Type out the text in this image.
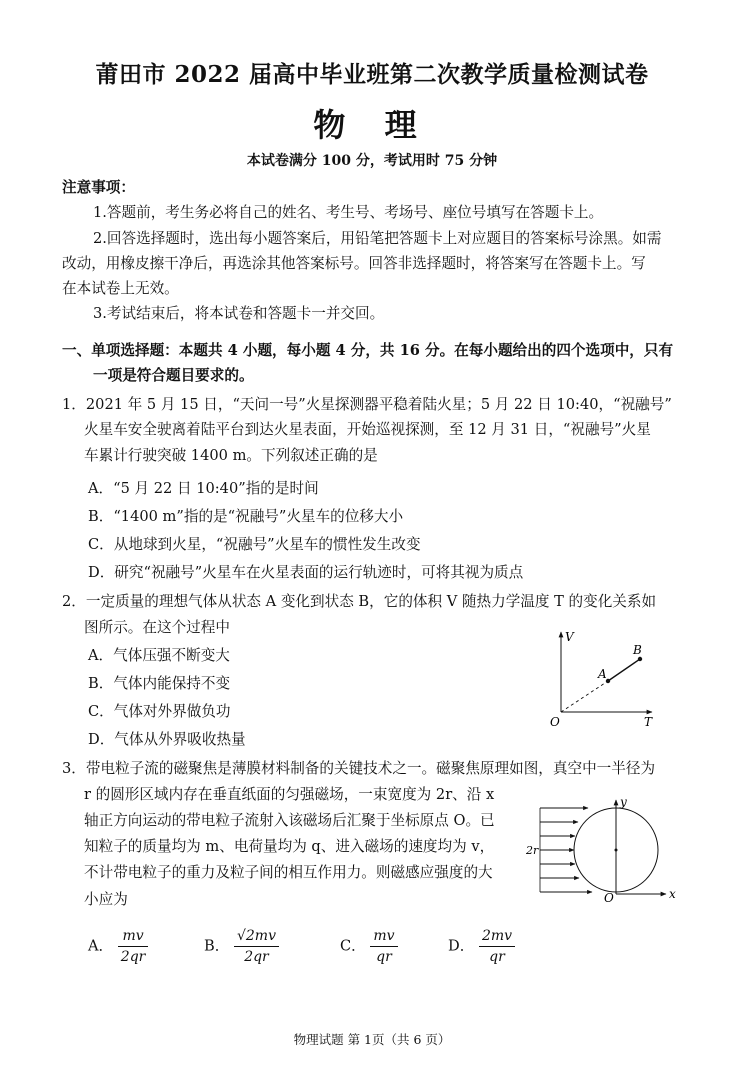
莆田市 2022 届高中毕业班第二次教学质量检测试卷
物 理
本试卷满分 100 分，考试用时 75 分钟
注意事项：
1.答题前，考生务必将自己的姓名、考生号、考场号、座位号填写在答题卡上。
2.回答选择题时，选出每小题答案后，用铅笔把答题卡上对应题目的答案标号涂黑。如需
改动，用橡皮擦干净后，再选涂其他答案标号。回答非选择题时，将答案写在答题卡上。写
在本试卷上无效。
3.考试结束后，将本试卷和答题卡一并交回。
一、单项选择题：本题共 4 小题，每小题 4 分，共 16 分。在每小题给出的四个选项中，只有
一项是符合题目要求的。
1．2021 年 5 月 15 日，“天问一号”火星探测器平稳着陆火星；5 月 22 日 10:40，“祝融号”
火星车安全驶离着陆平台到达火星表面，开始巡视探测，至 12 月 31 日，“祝融号”火星
车累计行驶突破 1400 m。下列叙述正确的是
A．“5 月 22 日 10:40”指的是时间
B．“1400 m”指的是“祝融号”火星车的位移大小
C．从地球到火星，“祝融号”火星车的惯性发生改变
D．研究“祝融号”火星车在火星表面的运行轨迹时，可将其视为质点
2．一定质量的理想气体从状态 A 变化到状态 B，它的体积 V 随热力学温度 T 的变化关系如
图所示。在这个过程中
A．气体压强不断变大
B．气体内能保持不变
C．气体对外界做负功
D．气体从外界吸收热量
V
T
O
A
B
3．带电粒子流的磁聚焦是薄膜材料制备的关键技术之一。磁聚焦原理如图，真空中一半径为
r 的圆形区域内存在垂直纸面的匀强磁场，一束宽度为 2r、沿 x
轴正方向运动的带电粒子流射入该磁场后汇聚于坐标原点 O。已
知粒子的质量均为 m、电荷量均为 q、进入磁场的速度均为 v，
不计带电粒子的重力及粒子间的相互作用力。则磁感应强度的大
小应为
2r
y
x
O
A． $\frac{mv}{2qr}$	B． $\frac{√2mv}{2qr}$	C． $\frac{mv}{qr}$	D． $\frac{2mv}{qr}$
物理试题 第 1页（共 6 页）
